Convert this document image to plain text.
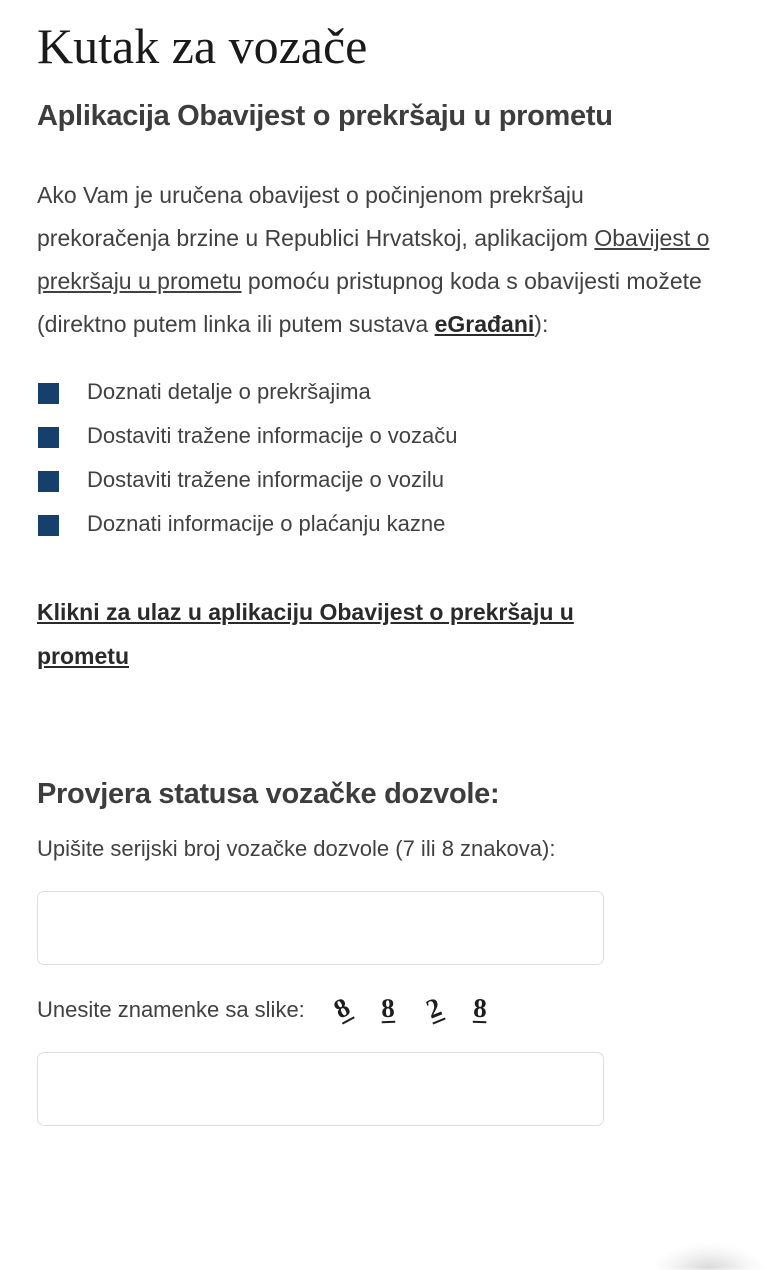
Kutak za vozače
Aplikacija Obavijest o prekršaju u prometu

Ako Vam je uručena obavijest o počinjenom prekršaju prekoračenja brzine u Republici Hrvatskoj, aplikacijom Obavijest o prekršaju u prometu pomoću pristupnog koda s obavijesti možete (direktno putem linka ili putem sustava eGrađani):

Doznati detalje o prekršajima
Dostaviti tražene informacije o vozaču
Dostaviti tražene informacije o vozilu
Doznati informacije o plaćanju kazne
Klikni za ulaz u aplikaciju Obavijest o prekršaju u prometu
Provjera statusa vozačke dozvole:

Upišite serijski broj vozačke dozvole (7 ili 8 znakova):

Unesite znamenke sa slike: 8 8 2	8
